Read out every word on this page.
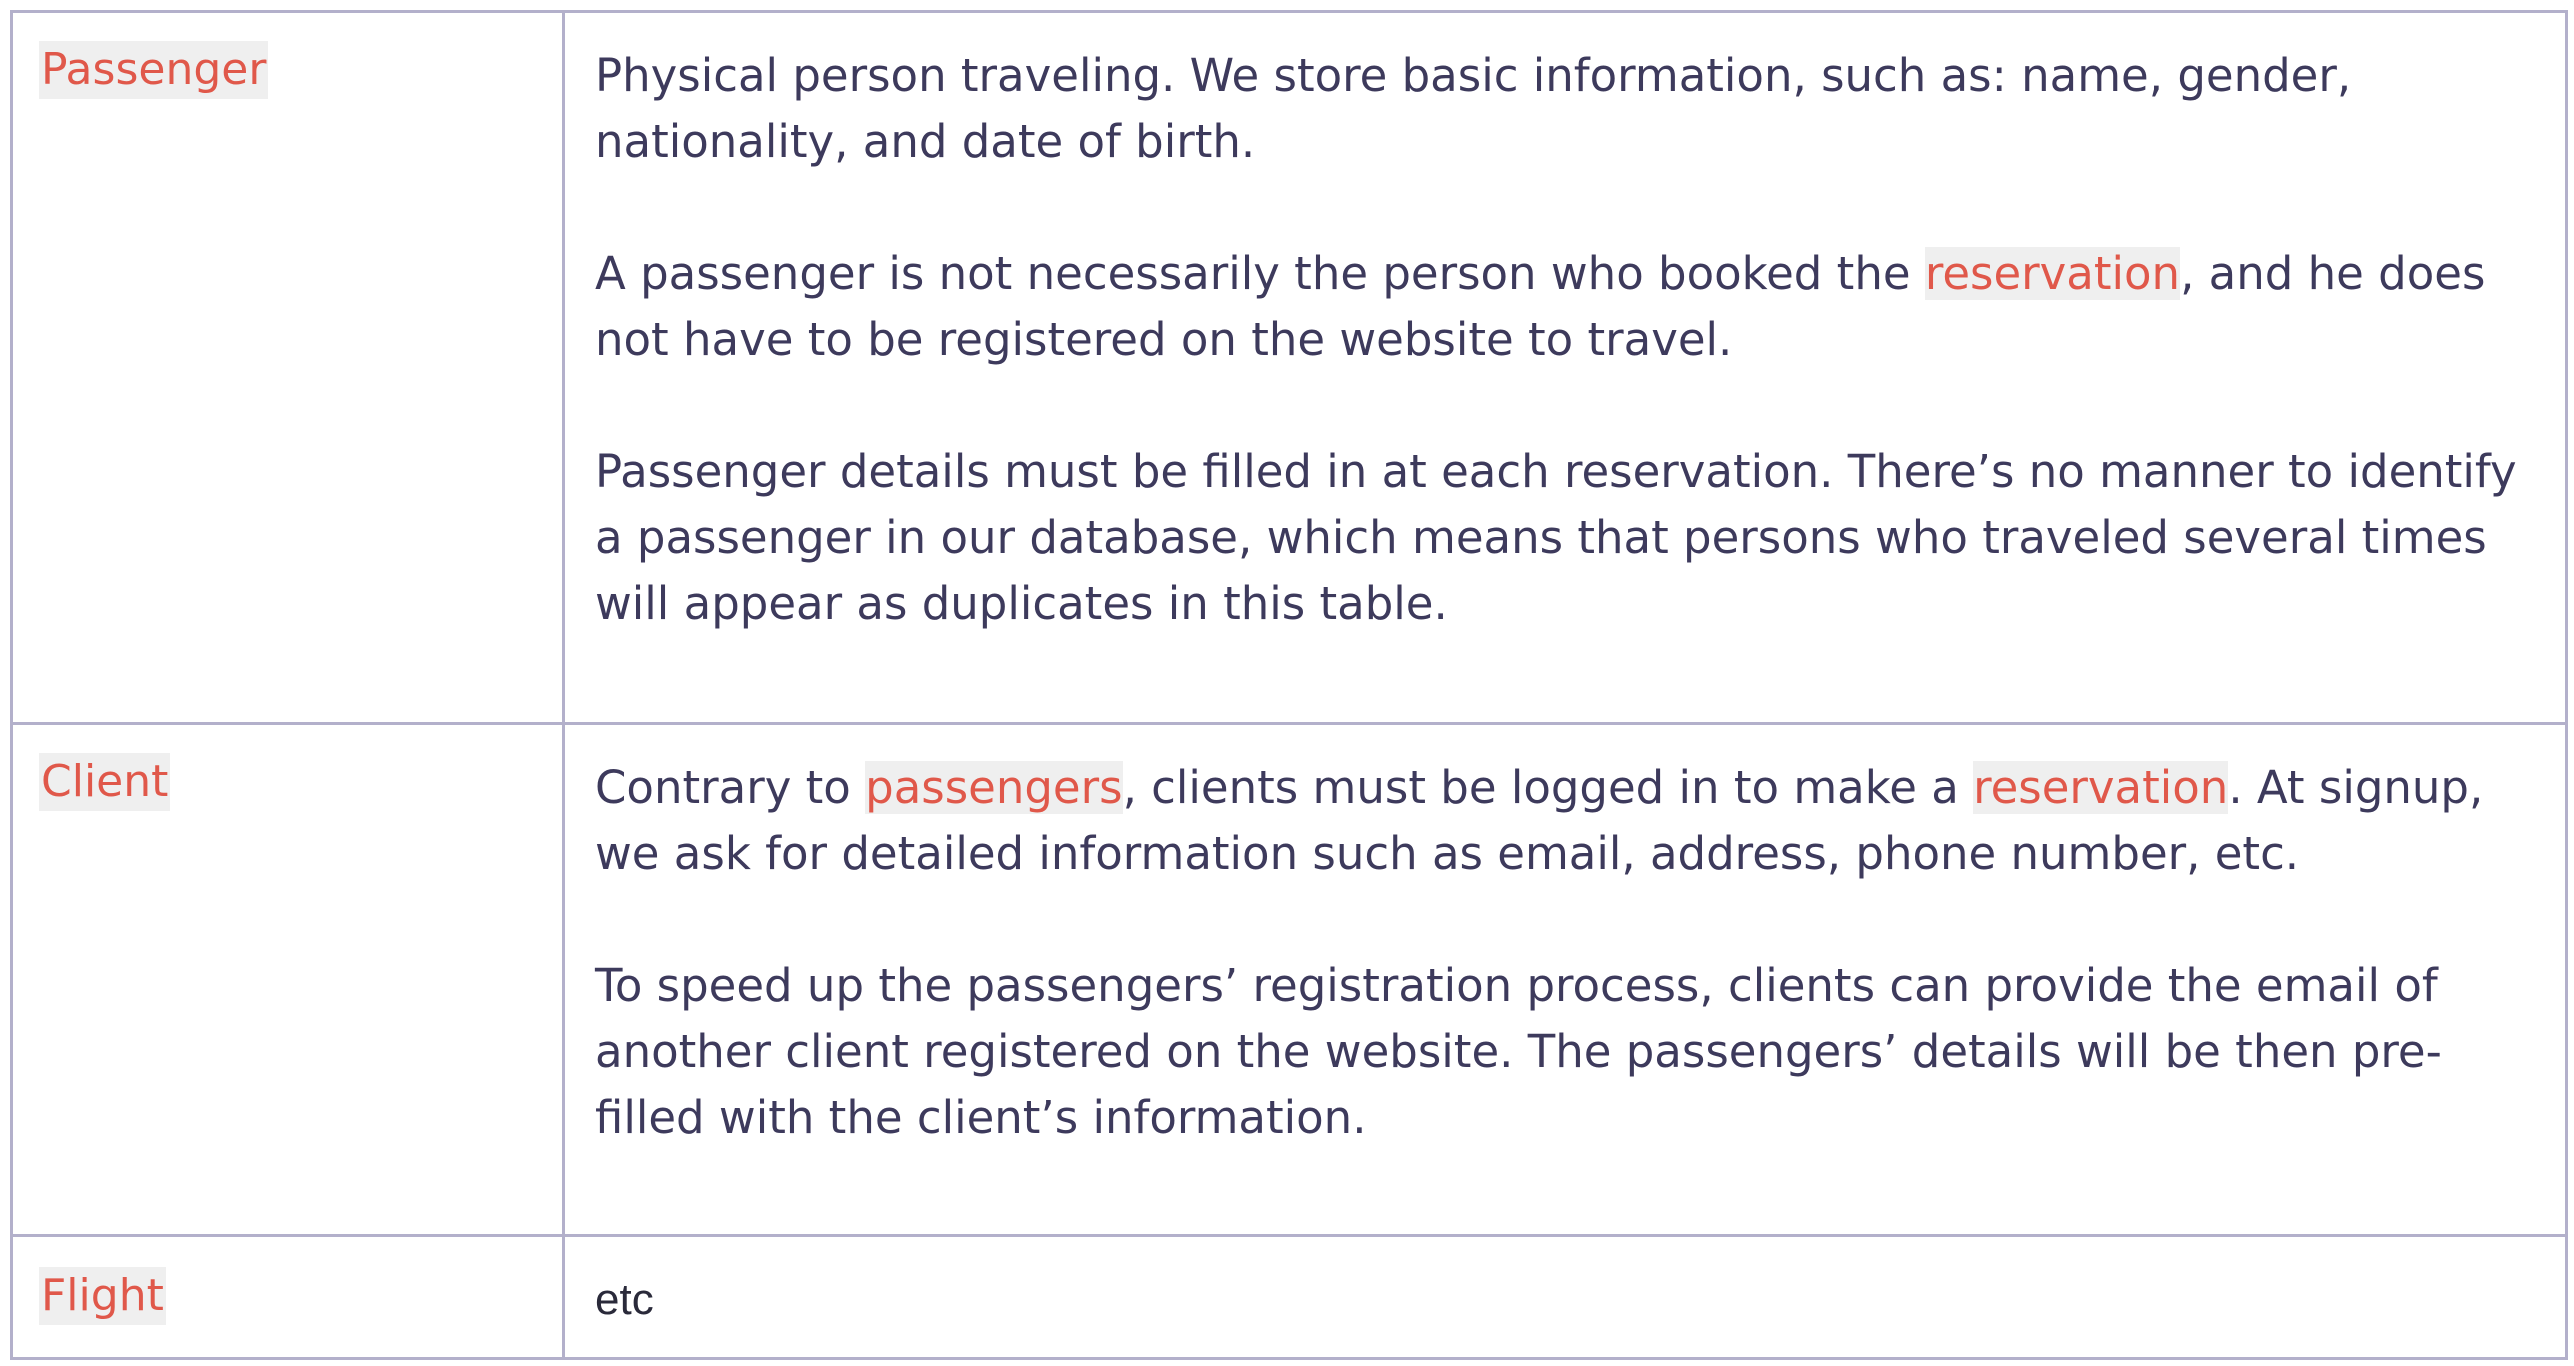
Passenger	Physical person traveling. We store basic information, such as: name, gender, nationality, and date of birth.

A passenger is not necessarily the person who booked the reservation, and he does not have to be registered on the website to travel.

Passenger details must be filled in at each reservation. There’s no manner to identify a passenger in our database, which means that persons who traveled several times will appear as duplicates in this table.

Client	Contrary to passengers, clients must be logged in to make a reservation. At signup, we ask for detailed information such as email, address, phone number, etc.

To speed up the passengers’ registration process, clients can provide the email of another client registered on the website. The passengers’ details will be then pre-filled with the client’s information.

Flight	etc
